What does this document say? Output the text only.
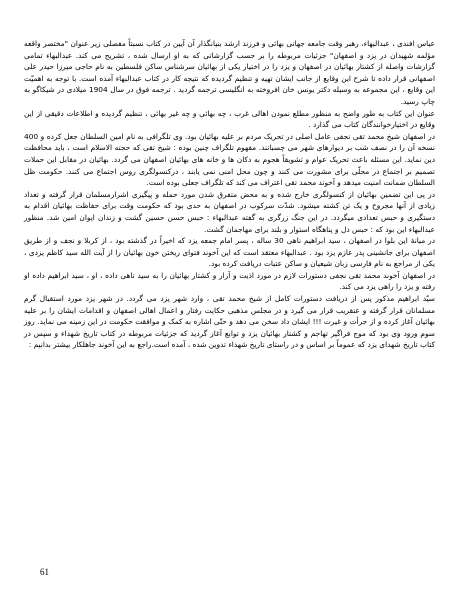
عباس افندی ، عبدالبهاء، رهبر وقت جامعه جهانی بهائی و فرزند ارشد بنیانگذار آن آیین در کتاب نسبتاً مفصلی زیر عنوان "مختصر واقعه مؤلمه شهیدان در یزد و اصفهان" جزئیات مربوطه را بر حسب گزارشاتی که به او ارسال شده ، تشریح می کند. عبدالبهاء تمامی گزارشات واصله از کشتار بهائیان در اصفهان و یزد را در اختیار یکی از بهائیان سرشناس ساکن فلسطین به نام حاجی میرزا حیدر علی اصفهانی قرار داده تا شرح این وقایع از جانب ایشان تهیه و تنظیم گردیده که نتیجه کار در کتاب عبدالبهاء آمده است. با توجه به اهمیّت این وقایع ، این مجموعه به وسیله دکتر یونس خان افروخته به انگلیسی ترجمه گردید . ترجمه فوق در سال 1904 میلادی در شیکاگو به چاپ رسید.

عنوان این کتاب به طور واضح به منظور مطلع نمودن اهالی غرب ، چه بهائی و چه غیر بهائی ، تنظیم گردیده و اطلاعات دقیقی از این وقایع در اختیارخوانندگان کتاب می گذارد .

در اصفهان شیخ محمد تقی نجفی عامل اصلی در تحریک مردم بر علیه بهائیان بود. وی تلگرافی به نام امین السلطان جعل کرده و 400 نسخه آن را در نصف شب بر دیوارهای شهر می چسبانند. مفهوم تلگراف چنین بوده : شیخ تقی که حجته الاسلام است ، باید محافظت دین نماید. این مسئله باعث تحریک عوام و تشویقاً هجوم به دکان ها و خانه های بهائیان اصفهان می گردد. بهائیان در مقابل این حملات تصمیم بر اجتماع در محلّی برای مشورت می کنند و چون محل امنی نمی یابند ، درکنسولگری روس اجتماع می کنند. حکومت ظل السلطان ضمانت امنیت میدهد و آخوند محمد تقی اعتراف می کند که تلگراف جعلی بوده است.

در پی این تضمین بهائیان از کنسولگری خارج شده و به محض متفرق شدن مورد حمله و پیگیری اشرارمسلمان قرار گرفته و تعداد زیادی از آنها مجروح و یک تن کشته میشود. شدّت سرکوب در اصفهان به حدی بود که حکومت وقت برای حفاظت بهائیان اقدام به دستگیری و حبس تعدادی میگردد. در این جنگ زرگری به گفته عبدالبهاء : حبس حسن حسین گشت و زندان ایوان امین شد. منظور عبدالبهاء این بود که : حبس دل و پناهگاه استوار و بلند برای مهاجمان گشت.

در میانهٔ این بلوا در اصفهان ، سید ابراهیم ناهی 30 ساله ، پسر امام جمعه یزد که اخیراً در گذشته بود ، از کربلا و نجف و از طریق اصفهان برای جانشینی پدر عازم یزد بود . عبدالبهاء معتقد است که این آخوند فتوای ریختن خون بهائیان را از آیت الله سید کاظم یزدی ، یکی از مراجع به نام فارسی زبان شیعیان و ساکن عتبات دریافت کرده بود.

در اصفهان آخوند محمد تقی نجفی دستورات لازم در مورد اذیت و آزار و کشتار بهائیان را به سید ناهی داده ، او ، سید ابراهیم داده او رفته و یزد را راهی یزد می کند.

سیّد ابراهیم مذکور پس از دریافت دستورات کامل از شیخ محمد تقی ، وارد شهر یزد می گردد. در شهر یزد مورد استقبال گرم مسلمانان قرار گرفته و عنقریب قرار می گیرد و در مجلس مذهبی حکایت رفتار و اعمال اهالی اصفهان و اقدامات ایشان را بر علیه بهائیان آغاز کرده و از جرأت و غیرت !!! ایشان داد سخن می دهد و حتّی اشاره به کمک و موافقت حکومت در این زمینه می نماید. روز سوم ورود وی بود که موج فراگیر تهاجم و کشتار بهائیان یزد و توابع آغاز گردید که جزئیات مربوطه در کتاب تاریخ شهداء و سپس در کتاب تاریخ شهدای یزد که عموماً بر اساس و در راستای تاریخ شهداء تدوین شده ، آمده است.راجع به این آخوند جاهلکار بیشتر بدانیم :

61
